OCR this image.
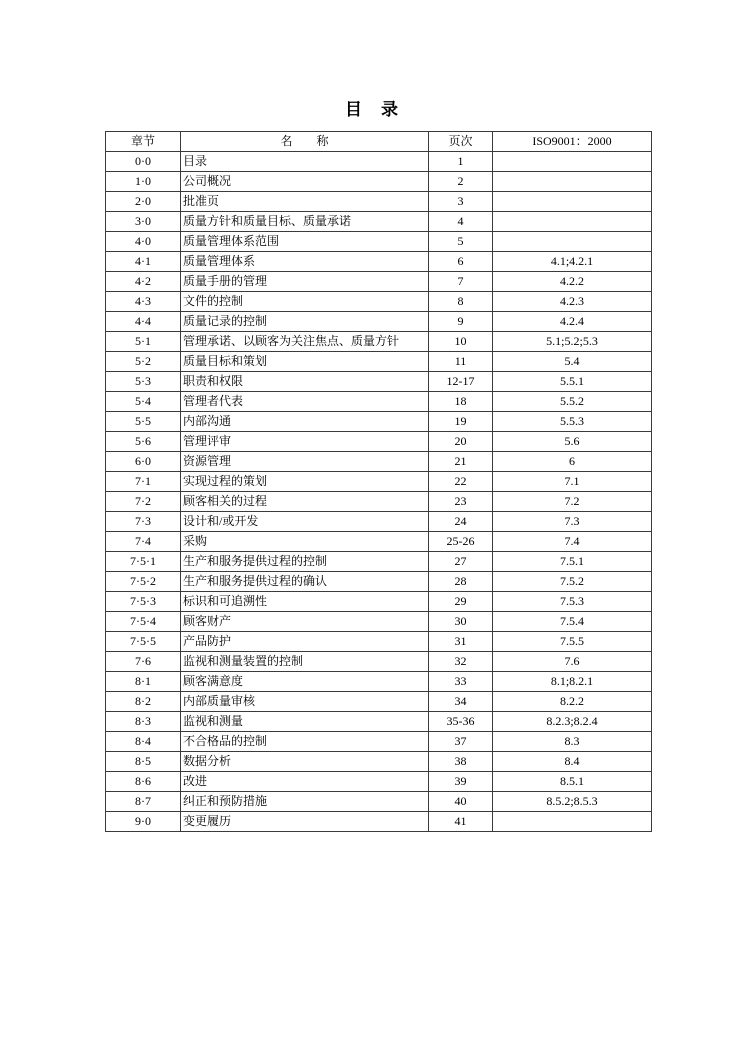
目　录
章节	名　　称	页次	ISO9001：2000
0·0	目录	1	
1·0	公司概况	2	
2·0	批准页	3	
3·0	质量方针和质量目标、质量承诺	4	
4·0	质量管理体系范围	5	
4·1	质量管理体系	6	4.1;4.2.1
4·2	质量手册的管理	7	4.2.2
4·3	文件的控制	8	4.2.3
4·4	质量记录的控制	9	4.2.4
5·1	管理承诺、以顾客为关注焦点、质量方针	10	5.1;5.2;5.3
5·2	质量目标和策划	11	5.4
5·3	职责和权限	12-17	5.5.1
5·4	管理者代表	18	5.5.2
5·5	内部沟通	19	5.5.3
5·6	管理评审	20	5.6
6·0	资源管理	21	6
7·1	实现过程的策划	22	7.1
7·2	顾客相关的过程	23	7.2
7·3	设计和/或开发	24	7.3
7·4	采购	25-26	7.4
7·5·1	生产和服务提供过程的控制	27	7.5.1
7·5·2	生产和服务提供过程的确认	28	7.5.2
7·5·3	标识和可追溯性	29	7.5.3
7·5·4	顾客财产	30	7.5.4
7·5·5	产品防护	31	7.5.5
7·6	监视和测量装置的控制	32	7.6
8·1	顾客满意度	33	8.1;8.2.1
8·2	内部质量审核	34	8.2.2
8·3	监视和测量	35-36	8.2.3;8.2.4
8·4	不合格品的控制	37	8.3
8·5	数据分析	38	8.4
8·6	改进	39	8.5.1
8·7	纠正和预防措施	40	8.5.2;8.5.3
9·0	变更履历	41	
